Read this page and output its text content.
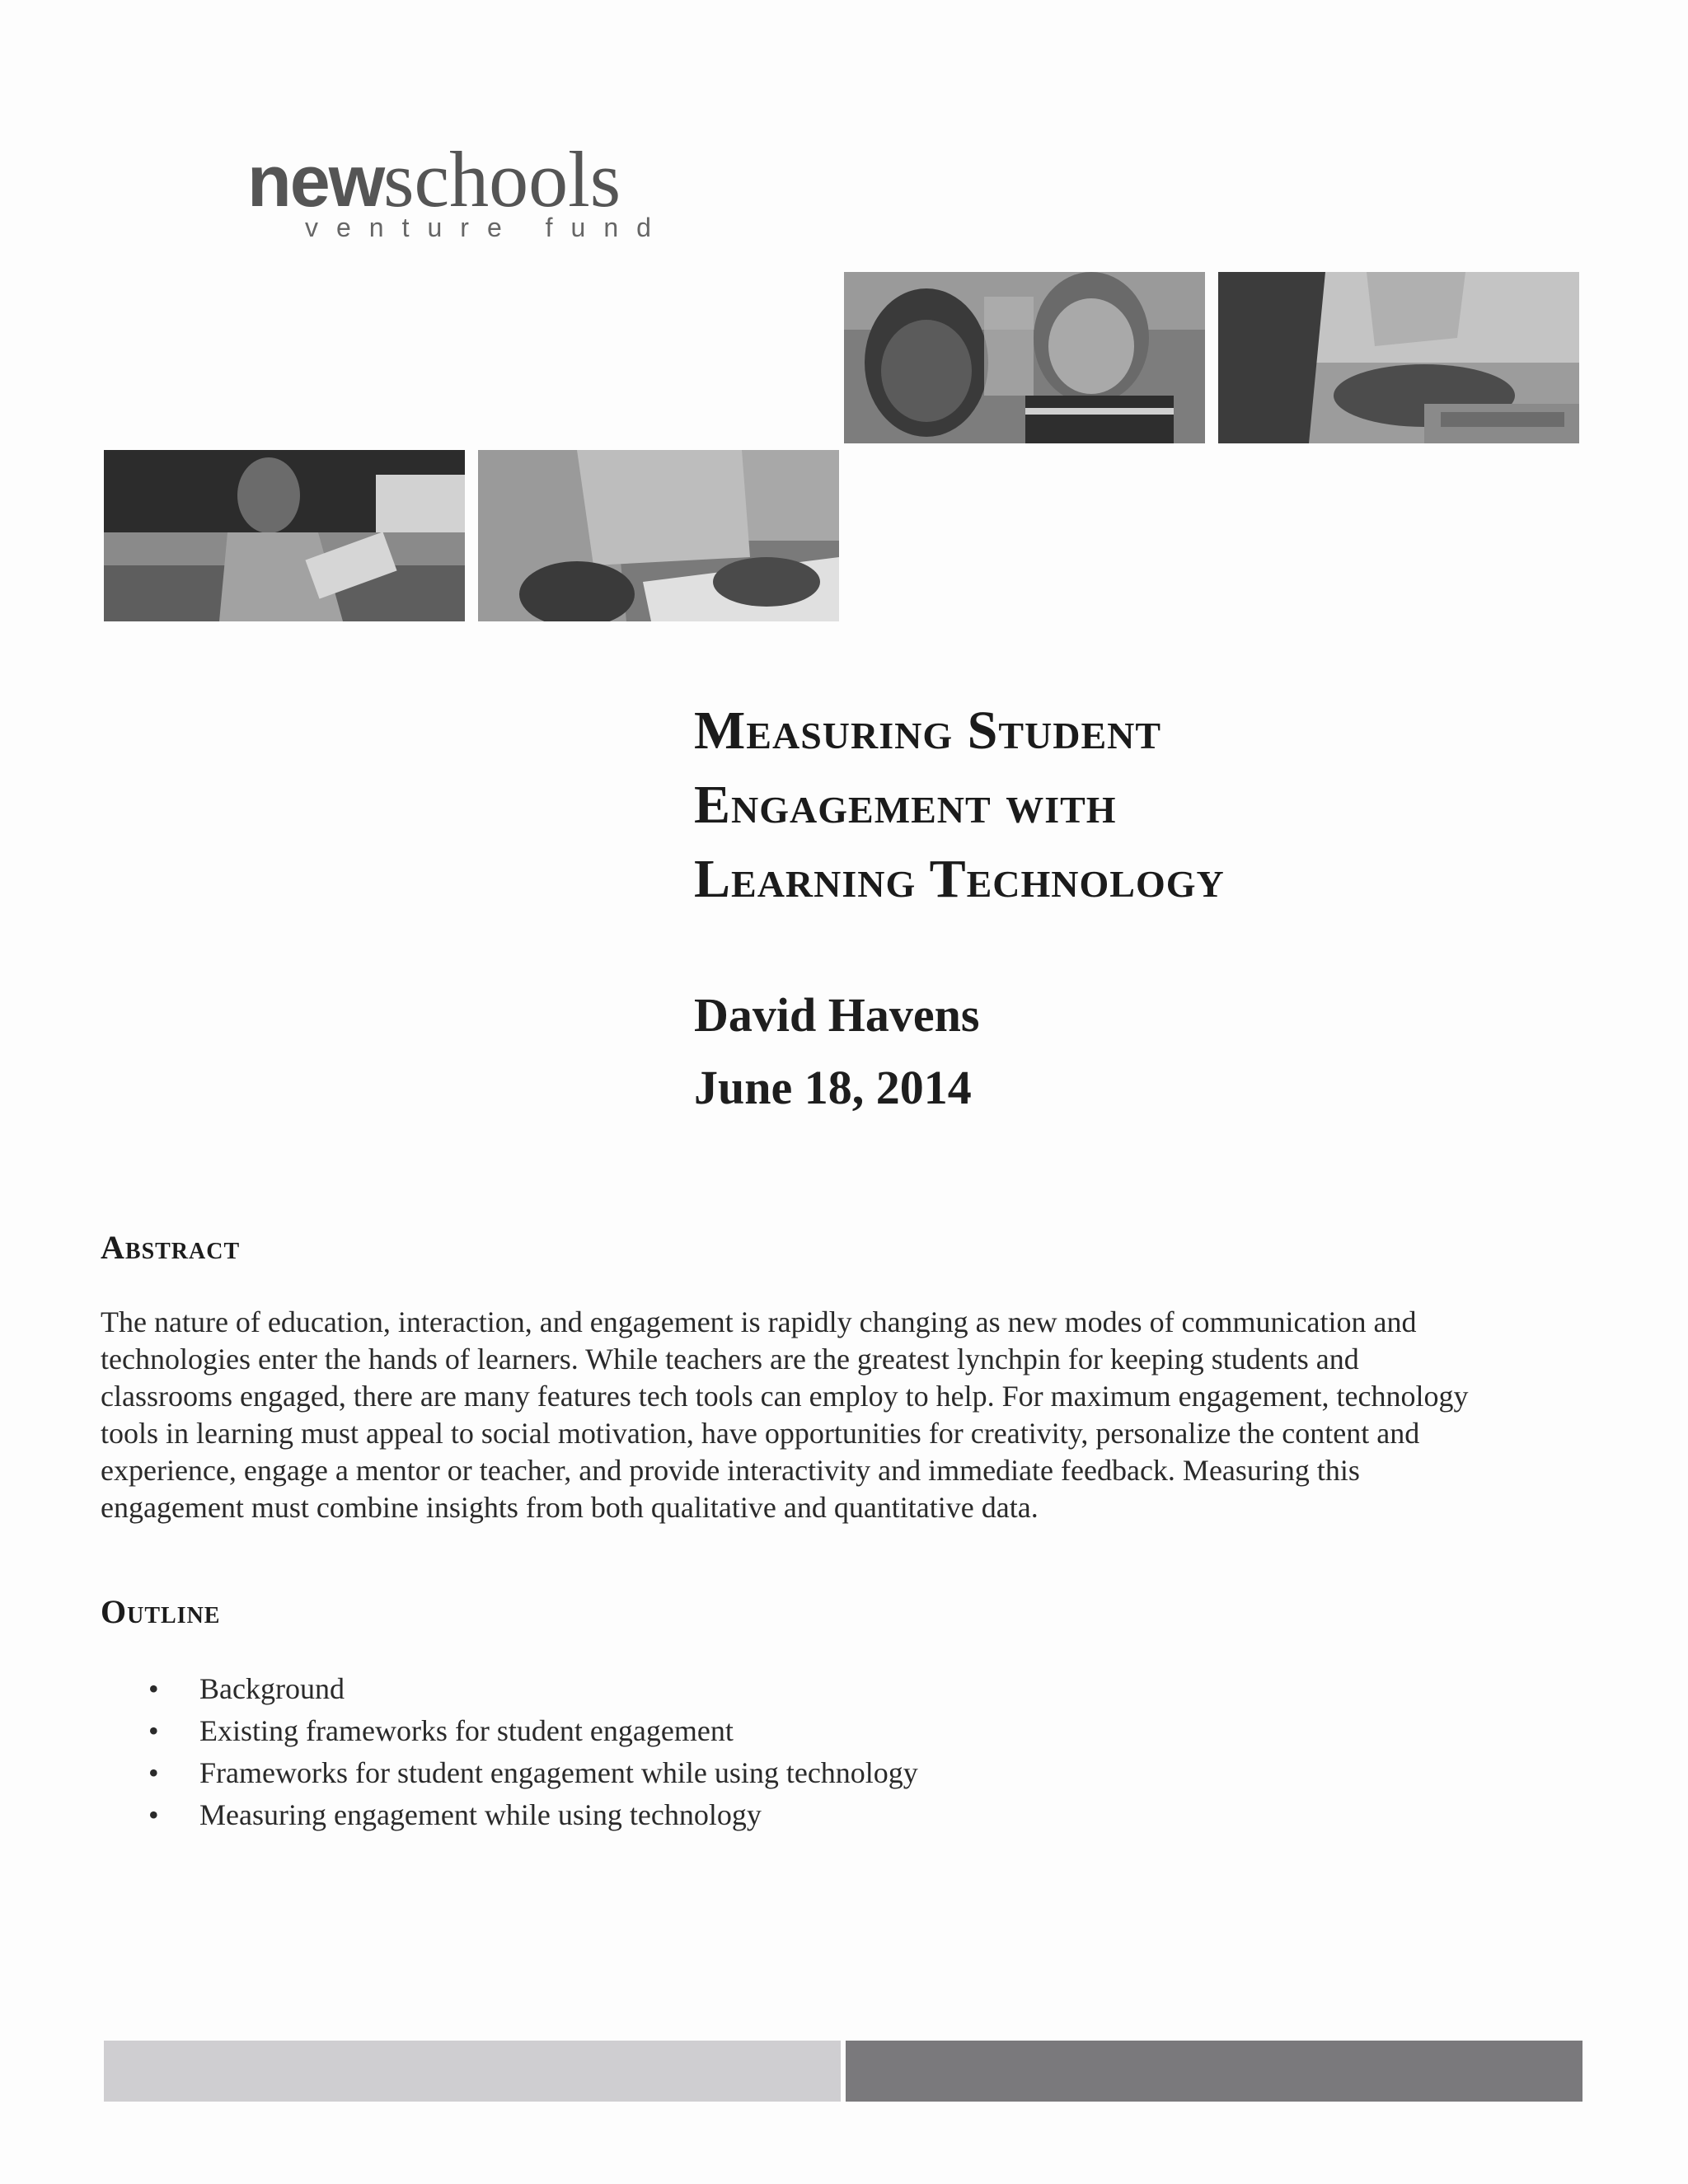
newschools
venture fund
Measuring Student
Engagement with
Learning Technology
David Havens
June 18, 2014
Abstract
The nature of education, interaction, and engagement is rapidly changing as new modes of communication and
technologies enter the hands of learners. While teachers are the greatest lynchpin for keeping students and
classrooms engaged, there are many features tech tools can employ to help. For maximum engagement, technology
tools in learning must appeal to social motivation, have opportunities for creativity, personalize the content and
experience, engage a mentor or teacher, and provide interactivity and immediate feedback. Measuring this
engagement must combine insights from both qualitative and quantitative data.
Outline
• Background
• Existing frameworks for student engagement
• Frameworks for student engagement while using technology
• Measuring engagement while using technology
